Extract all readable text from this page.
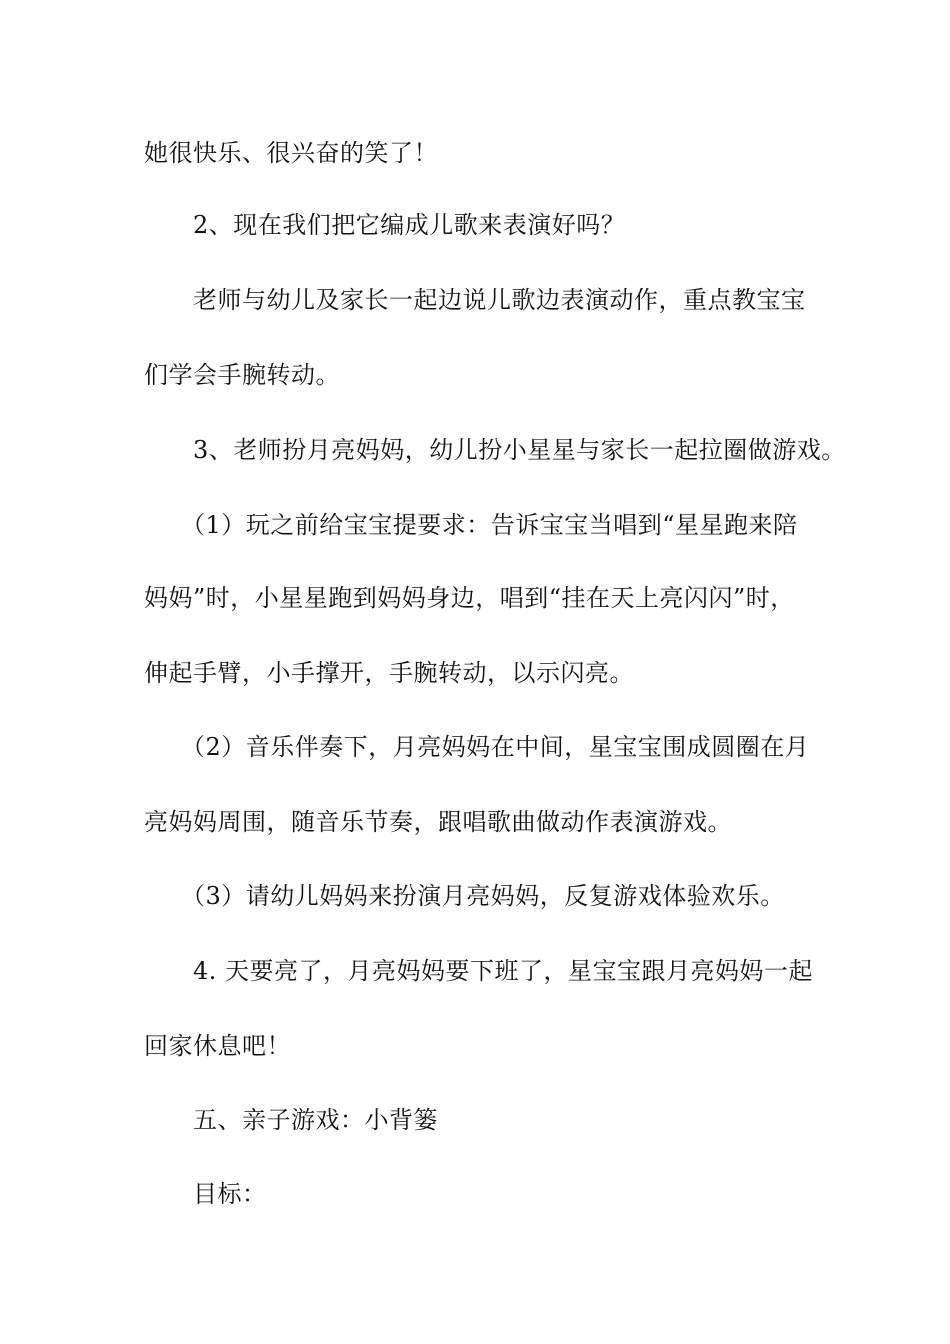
她很快乐、很兴奋的笑了！
2、现在我们把它编成儿歌来表演好吗？
老师与幼儿及家长一起边说儿歌边表演动作，重点教宝宝
们学会手腕转动。
3、老师扮月亮妈妈，幼儿扮小星星与家长一起拉圈做游戏。
（1）玩之前给宝宝提要求：告诉宝宝当唱到“星星跑来陪
妈妈”时，小星星跑到妈妈身边，唱到“挂在天上亮闪闪”时，
伸起手臂，小手撑开，手腕转动，以示闪亮。
（2）音乐伴奏下，月亮妈妈在中间，星宝宝围成圆圈在月
亮妈妈周围，随音乐节奏，跟唱歌曲做动作表演游戏。
（3）请幼儿妈妈来扮演月亮妈妈，反复游戏体验欢乐。
4. 天要亮了，月亮妈妈要下班了，星宝宝跟月亮妈妈一起
回家休息吧！
五、亲子游戏：小背篓
目标：
